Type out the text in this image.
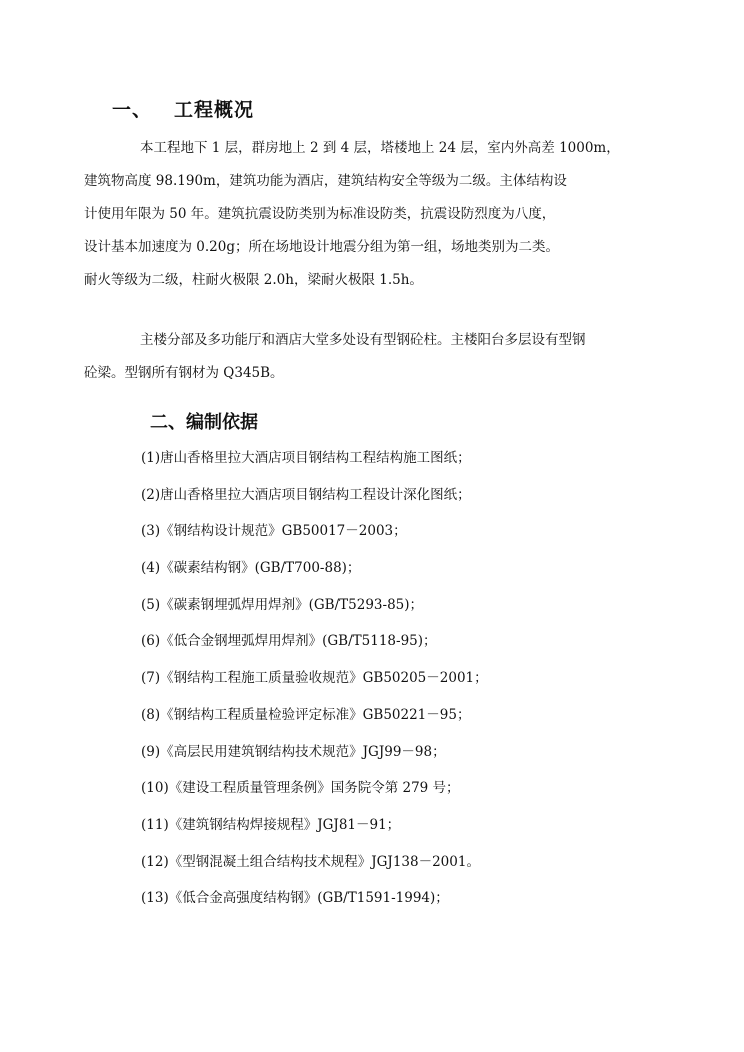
一、 工程概况
本工程地下 1 层，群房地上 2 到 4 层，塔楼地上 24 层，室内外高差 1000m，
建筑物高度 98.190m，建筑功能为酒店，建筑结构安全等级为二级。主体结构设
计使用年限为 50 年。建筑抗震设防类别为标准设防类，抗震设防烈度为八度，
设计基本加速度为 0.20g；所在场地设计地震分组为第一组，场地类别为二类。
耐火等级为二级，柱耐火极限 2.0h，梁耐火极限 1.5h。
主楼分部及多功能厅和酒店大堂多处设有型钢砼柱。主楼阳台多层设有型钢
砼梁。型钢所有钢材为 Q345B。
二、编制依据
(1)唐山香格里拉大酒店项目钢结构工程结构施工图纸；
(2)唐山香格里拉大酒店项目钢结构工程设计深化图纸；
(3)《钢结构设计规范》GB50017－2003；
(4)《碳素结构钢》(GB/T700-88)；
(5)《碳素钢埋弧焊用焊剂》(GB/T5293-85)；
(6)《低合金钢埋弧焊用焊剂》(GB/T5118-95)；
(7)《钢结构工程施工质量验收规范》GB50205－2001；
(8)《钢结构工程质量检验评定标准》GB50221－95；
(9)《高层民用建筑钢结构技术规范》JGJ99－98；
(10)《建设工程质量管理条例》国务院令第 279 号；
(11)《建筑钢结构焊接规程》JGJ81－91；
(12)《型钢混凝土组合结构技术规程》JGJ138－2001。
(13)《低合金高强度结构钢》(GB/T1591-1994)；
